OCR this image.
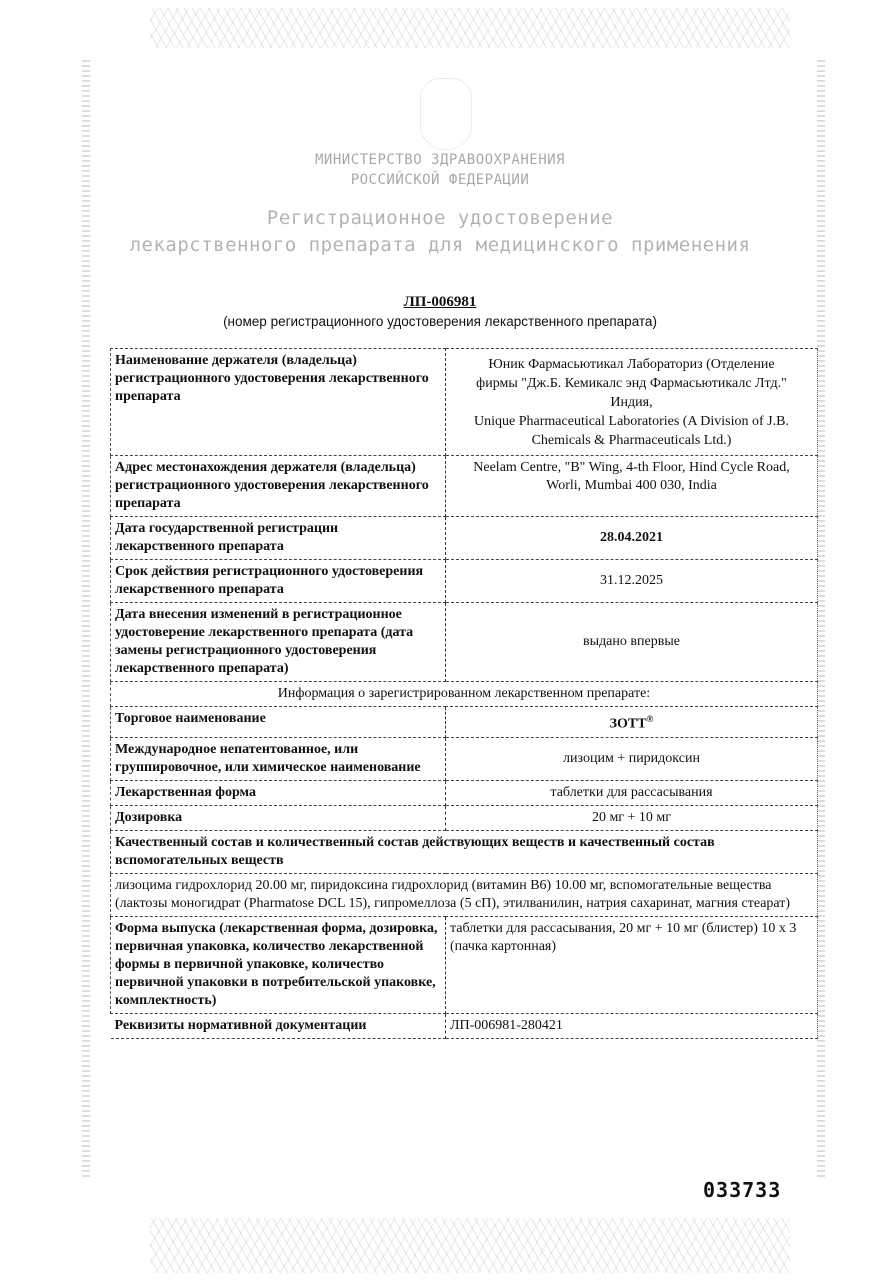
МИНИСТЕРСТВО ЗДРАВООХРАНЕНИЯ
РОССИЙСКОЙ ФЕДЕРАЦИИ
Регистрационное удостоверение
лекарственного препарата для медицинского применения
ЛП-006981
(номер регистрационного удостоверения лекарственного препарата)
Наименование держателя (владельца) регистрационного удостоверения лекарственного препарата	Юник Фармасьютикал Лабораториз (Отделение
фирмы "Дж.Б. Кемикалс энд Фармасьютикалс Лтд."
Индия,
Unique Pharmaceutical Laboratories (A Division of J.B.
Chemicals & Pharmaceuticals Ltd.)

Адрес местонахождения держателя (владельца) регистрационного удостоверения лекарственного препарата	Neelam Centre, "B" Wing, 4-th Floor, Hind Cycle Road,
Worli, Mumbai 400 030, India

Дата государственной регистрации лекарственного препарата	28.04.2021
Срок действия регистрационного удостоверения лекарственного препарата	31.12.2025
Дата внесения изменений в регистрационное удостоверение лекарственного препарата (дата замены регистрационного удостоверения лекарственного препарата)	выдано впервые
Информация о зарегистрированном лекарственном препарате:	
Торговое наименование	ЗОТТ®
Международное непатентованное, или группировочное, или химическое наименование	лизоцим + пиридоксин
Лекарственная форма	таблетки для рассасывания
Дозировка	20 мг + 10 мг
Качественный состав и количественный состав действующих веществ и качественный состав вспомогательных веществ	
лизоцима гидрохлорид 20.00 мг, пиридоксина гидрохлорид (витамин В6) 10.00 мг, вспомогательные вещества (лактозы моногидрат (Pharmatose DCL 15), гипромеллоза (5 сП), этилванилин, натрия сахаринат, магния стеарат)	
Форма выпуска (лекарственная форма, дозировка, первичная упаковка, количество лекарственной формы в первичной упаковке, количество первичной упаковки в потребительской упаковке, комплектность)	таблетки для рассасывания, 20 мг + 10 мг (блистер) 10 х 3 (пачка картонная)
Реквизиты нормативной документации	ЛП-006981-280421
033733
